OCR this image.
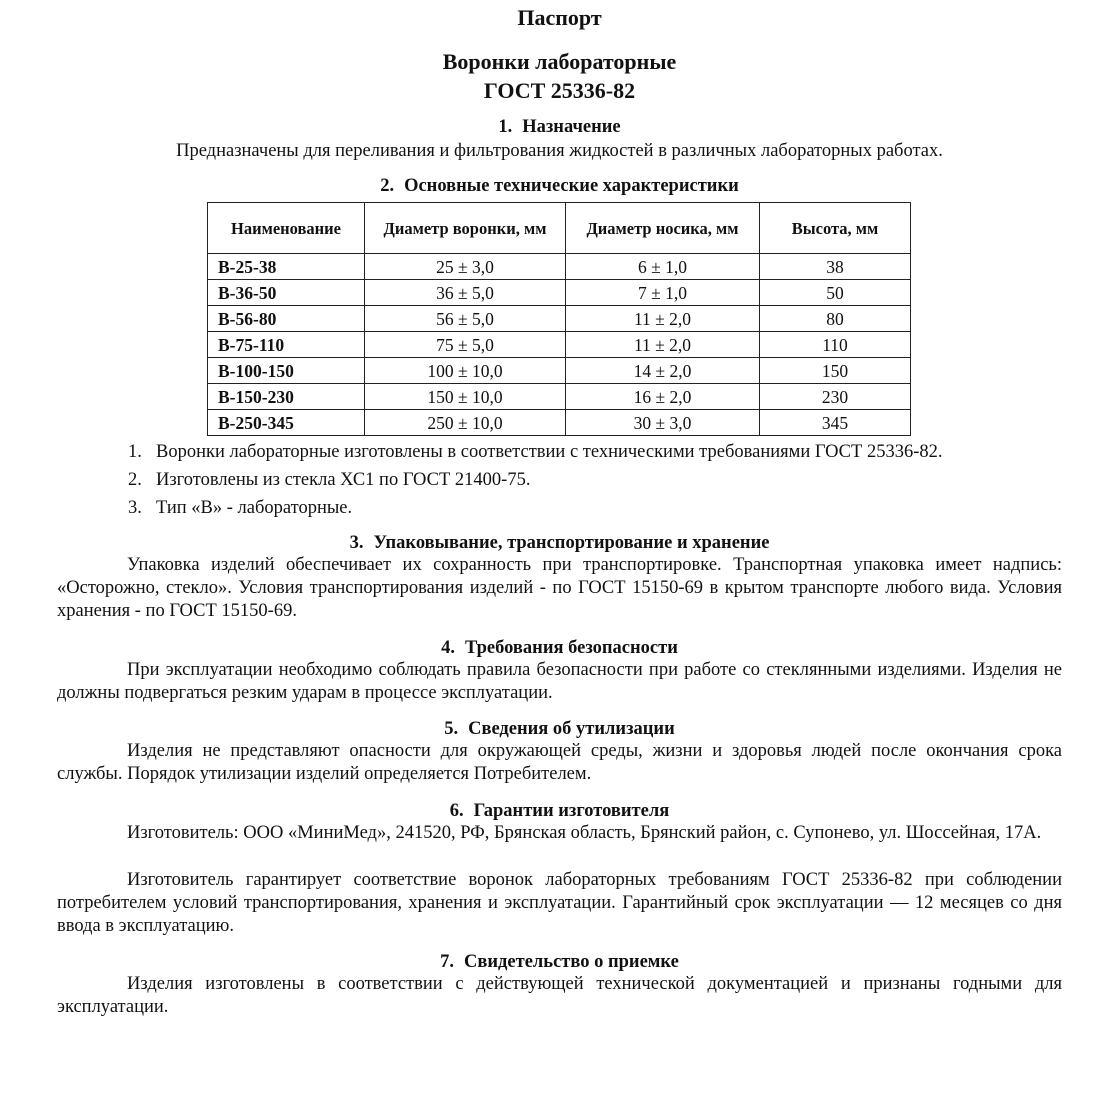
Паспорт
Воронки лабораторные
ГОСТ 25336-82
1. Назначение
Предназначены для переливания и фильтрования жидкостей в различных лабораторных работах.
2. Основные технические характеристики
Наименование	Диаметр воронки, мм	Диаметр носика, мм	Высота, мм
В-25-38	25 ± 3,0	6 ± 1,0	38
В-36-50	36 ± 5,0	7 ± 1,0	50
В-56-80	56 ± 5,0	11 ± 2,0	80
В-75-110	75 ± 5,0	11 ± 2,0	110
В-100-150	100 ± 10,0	14 ± 2,0	150
В-150-230	150 ± 10,0	16 ± 2,0	230
В-250-345	250 ± 10,0	30 ± 3,0	345
1. Воронки лабораторные изготовлены в соответствии с техническими требованиями ГОСТ 25336-82.
2. Изготовлены из стекла ХС1 по ГОСТ 21400-75.
3. Тип «В» - лабораторные.
3. Упаковывание, транспортирование и хранение
Упаковка изделий обеспечивает их сохранность при транспортировке. Транспортная упаковка имеет надпись: «Осторожно, стекло». Условия транспортирования изделий - по ГОСТ 15150-69 в крытом транспорте любого вида. Условия хранения - по ГОСТ 15150-69.
4. Требования безопасности
При эксплуатации необходимо соблюдать правила безопасности при работе со стеклянными изделиями. Изделия не должны подвергаться резким ударам в процессе эксплуатации.
5. Сведения об утилизации
Изделия не представляют опасности для окружающей среды, жизни и здоровья людей после окончания срока службы. Порядок утилизации изделий определяется Потребителем.
6. Гарантии изготовителя
Изготовитель: ООО «МиниМед», 241520, РФ, Брянская область, Брянский район, с. Супонево, ул. Шоссейная, 17А.
Изготовитель гарантирует соответствие воронок лабораторных требованиям ГОСТ 25336-82 при соблюдении потребителем условий транспортирования, хранения и эксплуатации. Гарантийный срок эксплуатации — 12 месяцев со дня ввода в эксплуатацию.
7. Свидетельство о приемке
Изделия изготовлены в соответствии с действующей технической документацией и признаны годными для эксплуатации.
